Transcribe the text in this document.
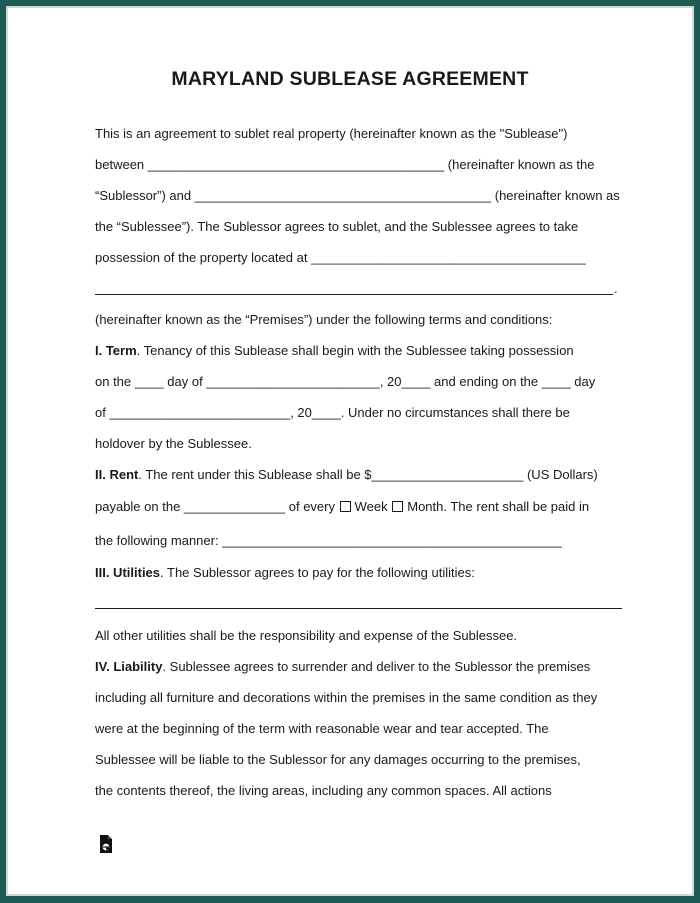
MARYLAND SUBLEASE AGREEMENT

This is an agreement to sublet real property (hereinafter known as the "Sublease")

between _________________________________________ (hereinafter known as the

“Sublessor”) and _________________________________________ (hereinafter known as

the “Sublessee”). The Sublessor agrees to sublet, and the Sublessee agrees to take

possession of the property located at ______________________________________

.

(hereinafter known as the “Premises”) under the following terms and conditions:

I. Term. Tenancy of this Sublease shall begin with the Sublessee taking possession

on the ____ day of ________________________, 20____ and ending on the ____ day

of _________________________, 20____. Under no circumstances shall there be

holdover by the Sublessee.

II. Rent. The rent under this Sublease shall be $_____________________ (US Dollars)

payable on the ______________ of every Week Month. The rent shall be paid in

the following manner: _______________________________________________

III. Utilities. The Sublessor agrees to pay for the following utilities:

All other utilities shall be the responsibility and expense of the Sublessee.

IV. Liability. Sublessee agrees to surrender and deliver to the Sublessor the premises

including all furniture and decorations within the premises in the same condition as they

were at the beginning of the term with reasonable wear and tear accepted. The

Sublessee will be liable to the Sublessor for any damages occurring to the premises,

the contents thereof, the living areas, including any common spaces. All actions
